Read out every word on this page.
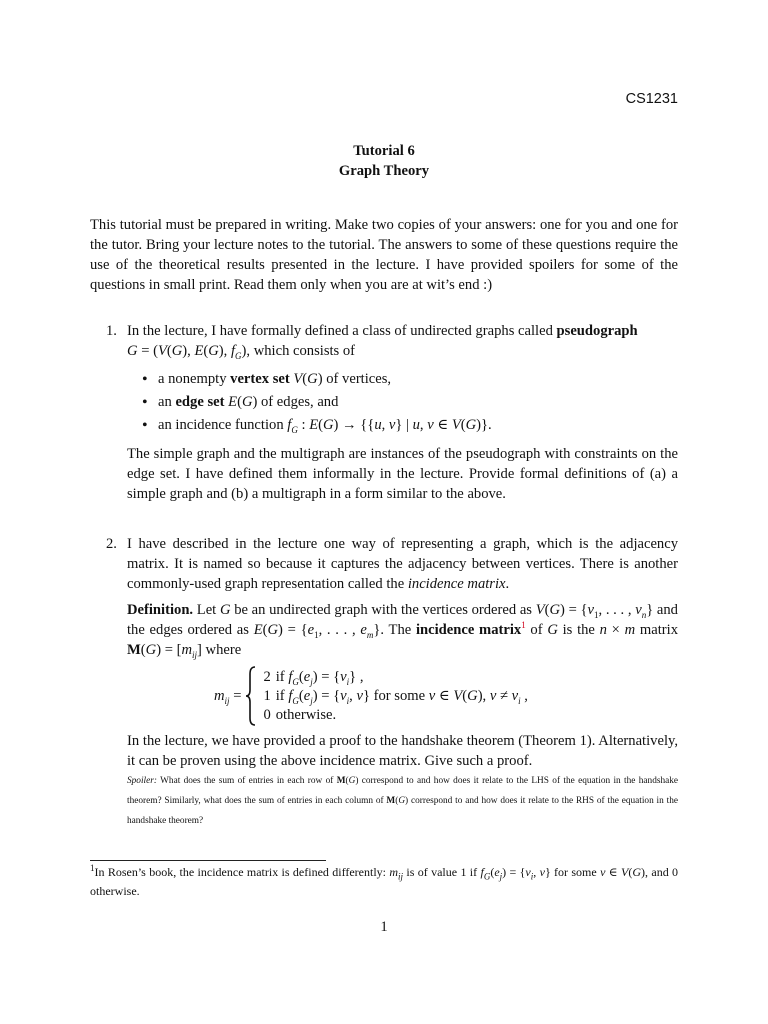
CS1231
Tutorial 6
Graph Theory
This tutorial must be prepared in writing. Make two copies of your answers: one for you and one for the tutor. Bring your lecture notes to the tutorial. The answers to some of these questions require the use of the theoretical results presented in the lecture. I have provided spoilers for some of the questions in small print. Read them only when you are at wit’s end :)
1. In the lecture, I have formally defined a class of undirected graphs called pseudograph
G = (V(G), E(G), $f_G$), which consists of

• a nonempty vertex set V(G) of vertices,
• an edge set E(G) of edges, and
• an incidence function $f_G$ : E(G) → {{u, v} | u, v ∈ V(G)}.

The simple graph and the multigraph are instances of the pseudograph with constraints on the edge set. I have defined them informally in the lecture. Provide formal definitions of (a) a simple graph and (b) a multigraph in a form similar to the above.

2. I have described in the lecture one way of representing a graph, which is the adjacency matrix. It is named so because it captures the adjacency between vertices. There is another commonly-used graph representation called the incidence matrix.

Definition. Let G be an undirected graph with the vertices ordered as $V(G) = \{v_1$, . . . , $v_n$} and the edges ordered as $E(G) = \{e_1$, . . . , $e_m$}. The incidence matrix$^1$ of G is the n × m matrix $M(G) = [m_{ij}]$ where

$m_{ij}$ =
2	if $f_G(e_j) = \{v_i\}$ ,
1	if $f_G(e_j) = \{v_i$, v} for some v ∈ V(G), $v \ne v_i$ ,
0	otherwise.

In the lecture, we have provided a proof to the handshake theorem (Theorem 1). Alternatively, it can be proven using the above incidence matrix. Give such a proof.

Spoiler: What does the sum of entries in each row of M(G) correspond to and how does it relate to the LHS of the equation in the handshake theorem? Similarly, what does the sum of entries in each column of M(G) correspond to and how does it relate to the RHS of the equation in the handshake theorem?

$^1$In Rosen’s book, the incidence matrix is defined differently: $m_{ij}$ is of value 1 if $f_G(e_j) = \{v_i$, v} for some v ∈ V(G), and 0 otherwise.
1
